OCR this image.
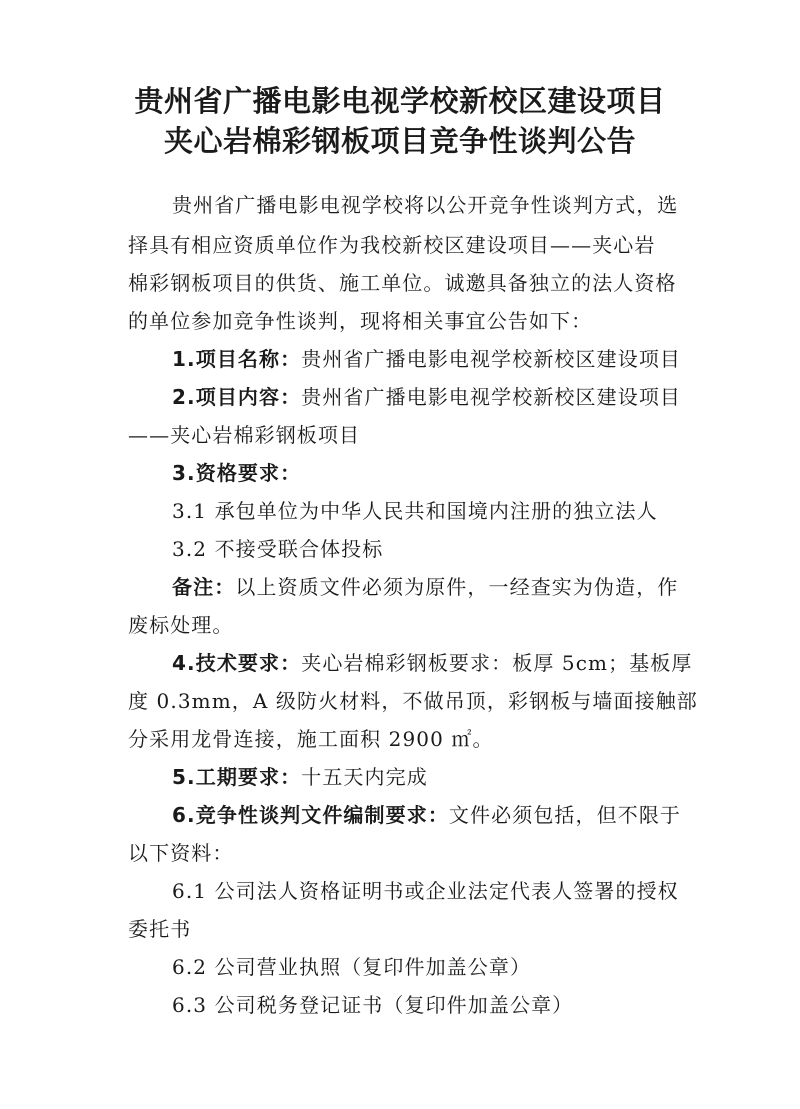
贵州省广播电影电视学校新校区建设项目
夹心岩棉彩钢板项目竞争性谈判公告
贵州省广播电影电视学校将以公开竞争性谈判方式，选
择具有相应资质单位作为我校新校区建设项目——夹心岩
棉彩钢板项目的供货、施工单位。诚邀具备独立的法人资格
的单位参加竞争性谈判，现将相关事宜公告如下：
1.项目名称：贵州省广播电影电视学校新校区建设项目
2.项目内容：贵州省广播电影电视学校新校区建设项目
——夹心岩棉彩钢板项目
3.资格要求：
3.1 承包单位为中华人民共和国境内注册的独立法人
3.2 不接受联合体投标
备注：以上资质文件必须为原件，一经查实为伪造，作
废标处理。
4.技术要求：夹心岩棉彩钢板要求：板厚 5cm；基板厚
度 0.3mm，A 级防火材料，不做吊顶，彩钢板与墙面接触部
分采用龙骨连接，施工面积 2900 ㎡。
5.工期要求：十五天内完成
6.竞争性谈判文件编制要求：文件必须包括，但不限于
以下资料：
6.1 公司法人资格证明书或企业法定代表人签署的授权
委托书
6.2 公司营业执照（复印件加盖公章）
6.3 公司税务登记证书（复印件加盖公章）
